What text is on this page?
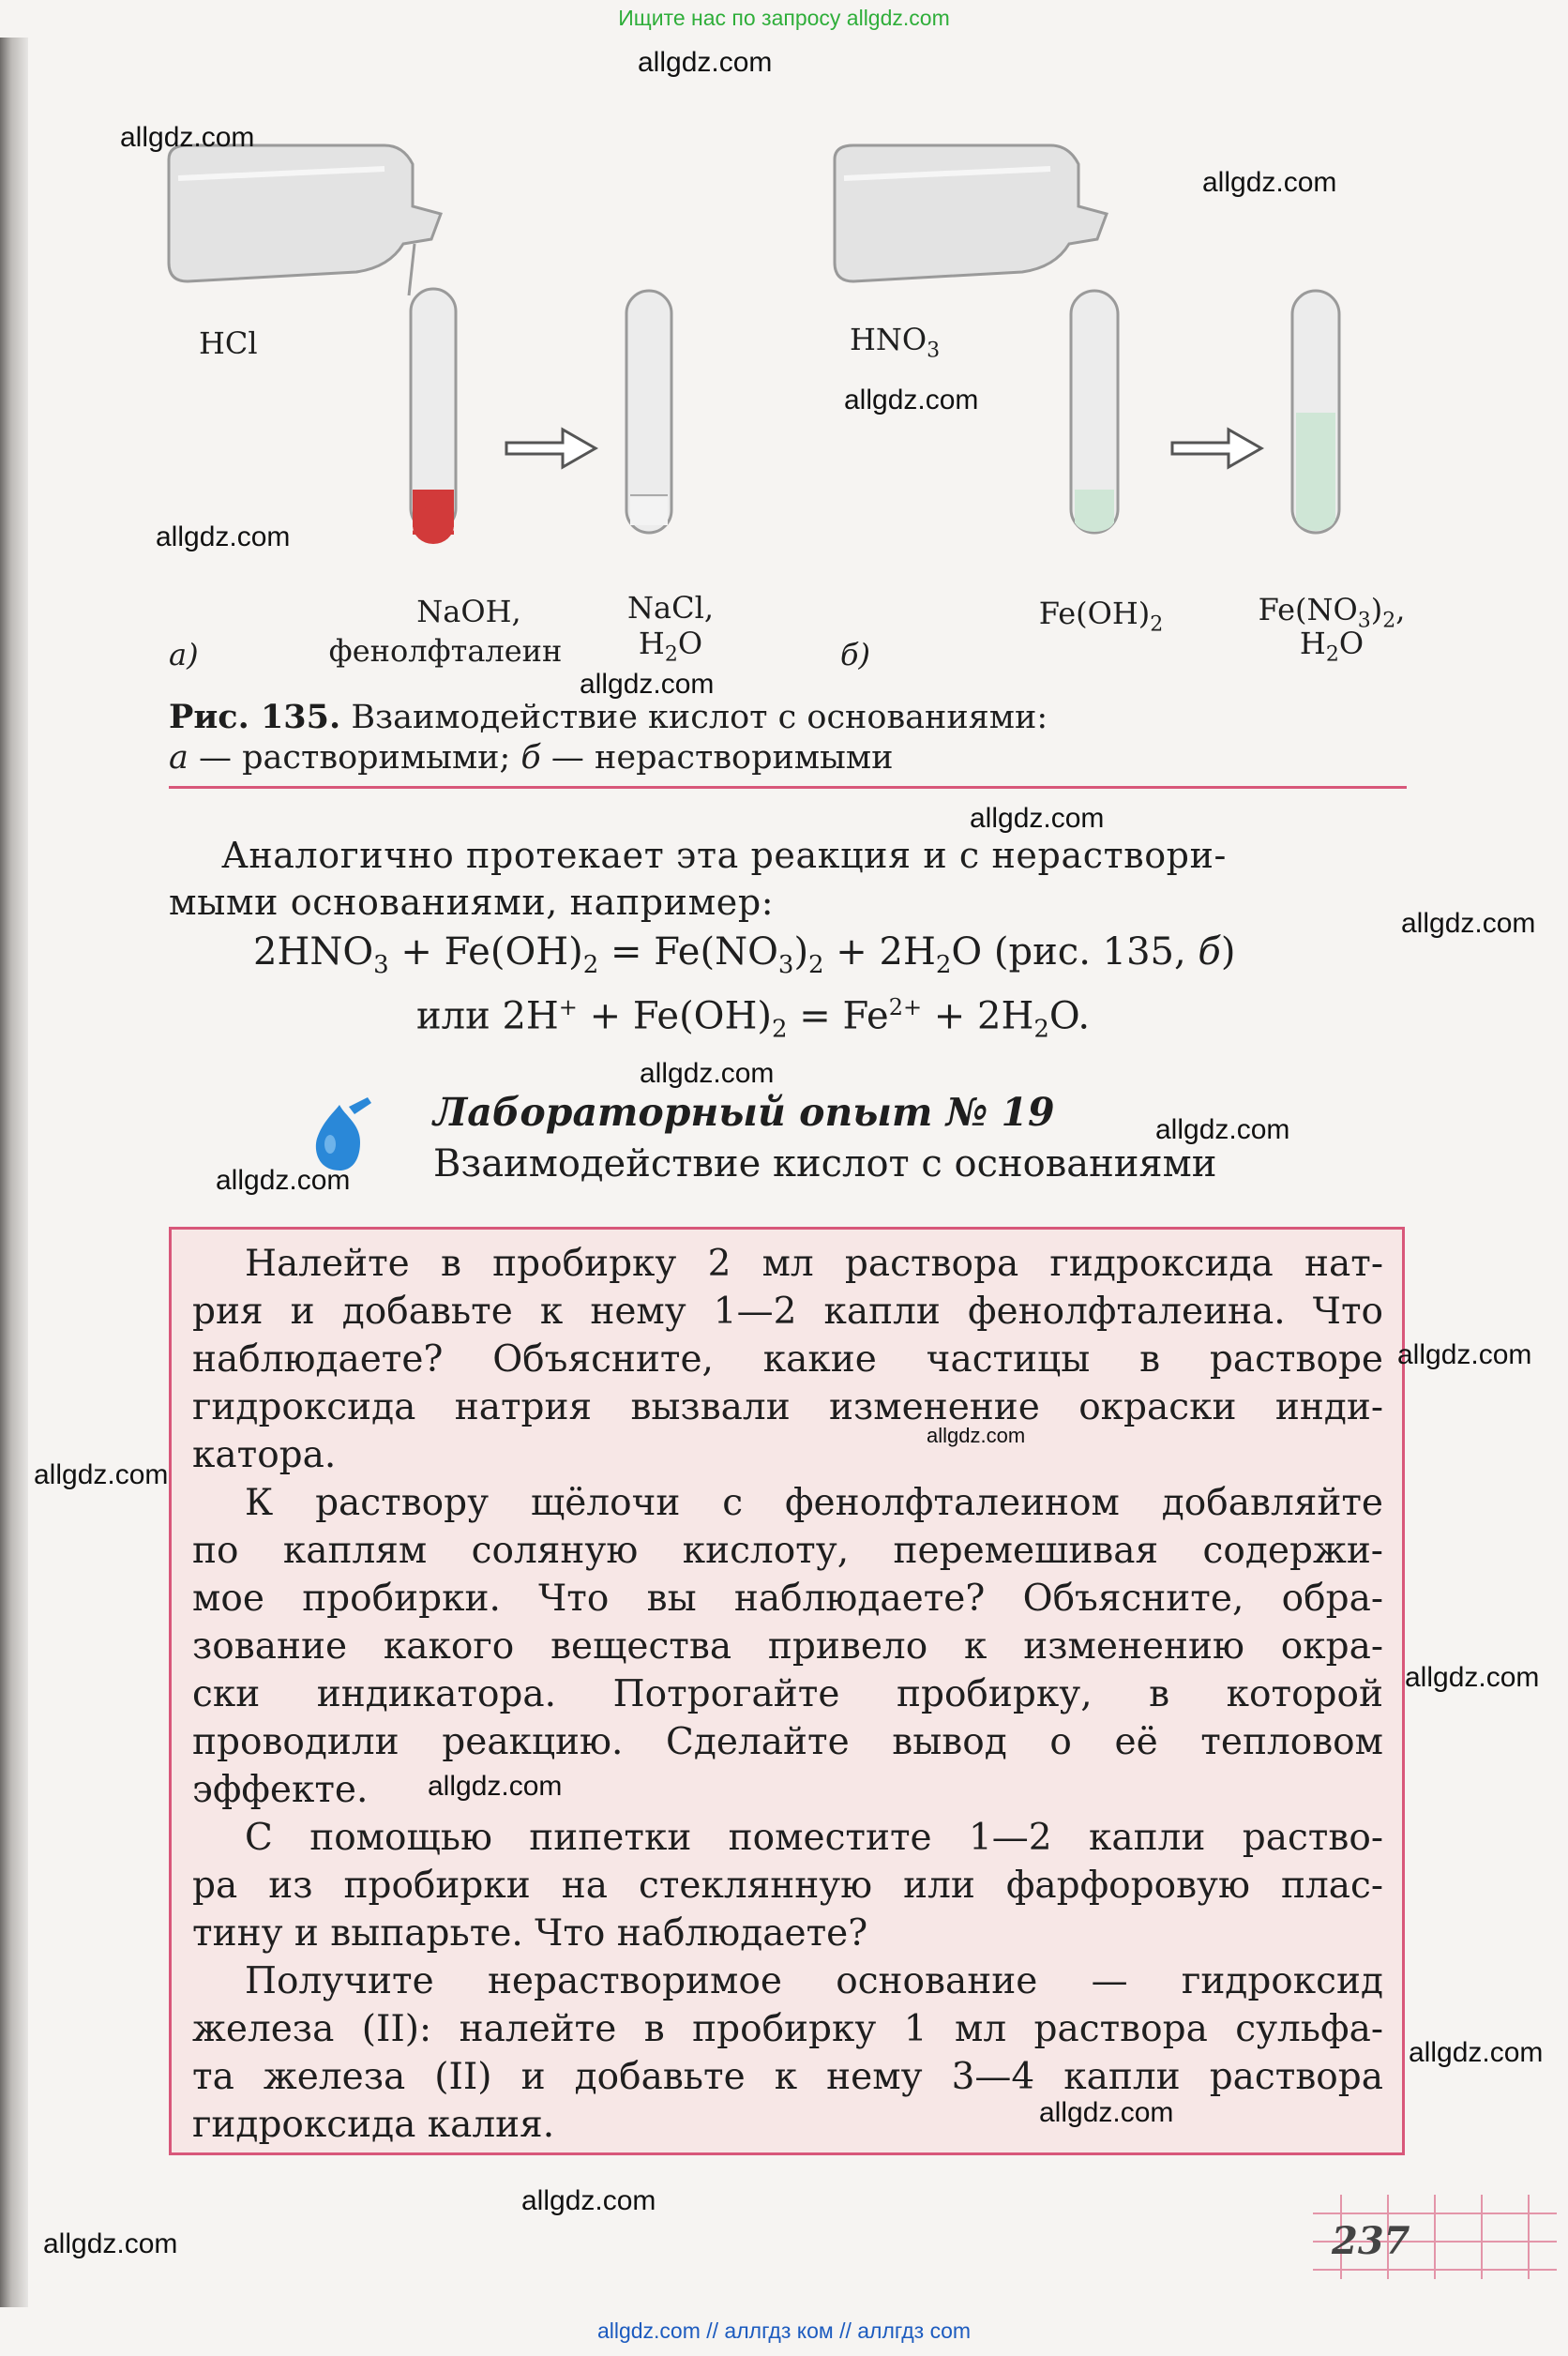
Ищите нас по запросу allgdz.com
HCl	$HNO_3$
NaOH,
фенолфталеин
NaCl,
$H_2O$
$Fe(OH)_2$	$Fe(NO_3)_2$,
$H_2O$
а)	б)
Рис. 135. Взаимодействие кислот с основаниями:
а — растворимыми; б — нерастворимыми
Аналогично протекает эта реакция и с нераствори-
мыми основаниями, например:
$2HNO_3 + Fe(OH)_2 = Fe(NO_3)_2 + 2H_2O$ (рис. 135, б)
или $2H^+ + Fe(OH)_2 = Fe^{2+} + 2H_2O$.
Лабораторный опыт № 19
Взаимодействие кислот с основаниями
Налейте в пробирку 2 мл раствора гидроксида нат-
рия и добавьте к нему 1—2 капли фенолфталеина. Что
наблюдаете? Объясните, какие частицы в растворе
гидроксида натрия вызвали изменение окраски инди-
катора.
К раствору щёлочи с фенолфталеином добавляйте
по каплям соляную кислоту, перемешивая содержи-
мое пробирки. Что вы наблюдаете? Объясните, обра-
зование какого вещества привело к изменению окра-
ски индикатора. Потрогайте пробирку, в которой
проводили реакцию. Сделайте вывод о её тепловом
эффекте.
С помощью пипетки поместите 1—2 капли раство-
ра из пробирки на стеклянную или фарфоровую плас-
тину и выпарьте. Что наблюдаете?
Получите нерастворимое основание — гидроксид
железа (II): налейте в пробирку 1 мл раствора сульфа-
та железа (II) и добавьте к нему 3—4 капли раствора
гидроксида калия.
237
allgdz.com
allgdz.com
allgdz.com
allgdz.com
allgdz.com
allgdz.com
allgdz.com
allgdz.com
allgdz.com
allgdz.com
allgdz.com
allgdz.com
allgdz.com
allgdz.com
allgdz.com
allgdz.com
allgdz.com
allgdz.com
allgdz.com
allgdz.com
allgdz.com // аллгдз ком // аллгдз com
